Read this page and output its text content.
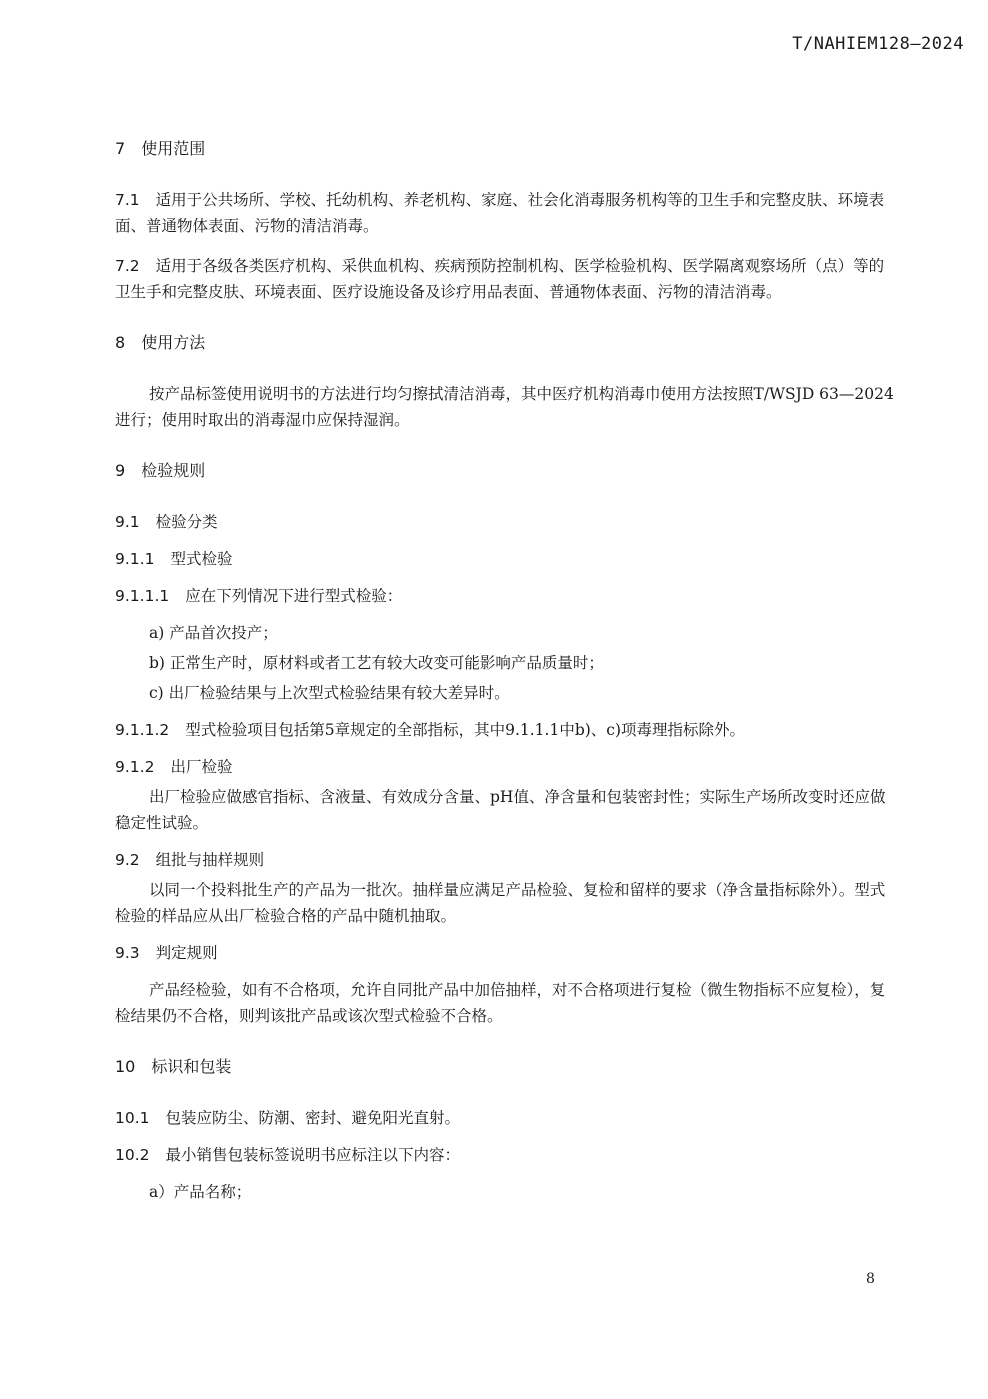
T/NAHIEM128—2024
7 使用范围

7.1 适用于公共场所、学校、托幼机构、养老机构、家庭、社会化消毒服务机构等的卫生手和完整皮肤、环境表面、普通物体表面、污物的清洁消毒。

7.2 适用于各级各类医疗机构、采供血机构、疾病预防控制机构、医学检验机构、医学隔离观察场所（点）等的卫生手和完整皮肤、环境表面、医疗设施设备及诊疗用品表面、普通物体表面、污物的清洁消毒。

8 使用方法

按产品标签使用说明书的方法进行均匀擦拭清洁消毒，其中医疗机构消毒巾使用方法按照T/WSJD 63—2024进行；使用时取出的消毒湿巾应保持湿润。

9 检验规则
9.1 检验分类
9.1.1 型式检验

9.1.1.1 应在下列情况下进行型式检验：

a) 产品首次投产；

b) 正常生产时，原材料或者工艺有较大改变可能影响产品质量时；

c) 出厂检验结果与上次型式检验结果有较大差异时。

9.1.1.2 型式检验项目包括第5章规定的全部指标，其中9.1.1.1中b)、c)项毒理指标除外。

9.1.2 出厂检验

出厂检验应做感官指标、含液量、有效成分含量、pH值、净含量和包装密封性；实际生产场所改变时还应做稳定性试验。

9.2 组批与抽样规则

以同一个投料批生产的产品为一批次。抽样量应满足产品检验、复检和留样的要求（净含量指标除外）。型式检验的样品应从出厂检验合格的产品中随机抽取。

9.3 判定规则

产品经检验，如有不合格项，允许自同批产品中加倍抽样，对不合格项进行复检（微生物指标不应复检），复检结果仍不合格，则判该批产品或该次型式检验不合格。

10 标识和包装

10.1 包装应防尘、防潮、密封、避免阳光直射。

10.2 最小销售包装标签说明书应标注以下内容：

a）产品名称；

8
